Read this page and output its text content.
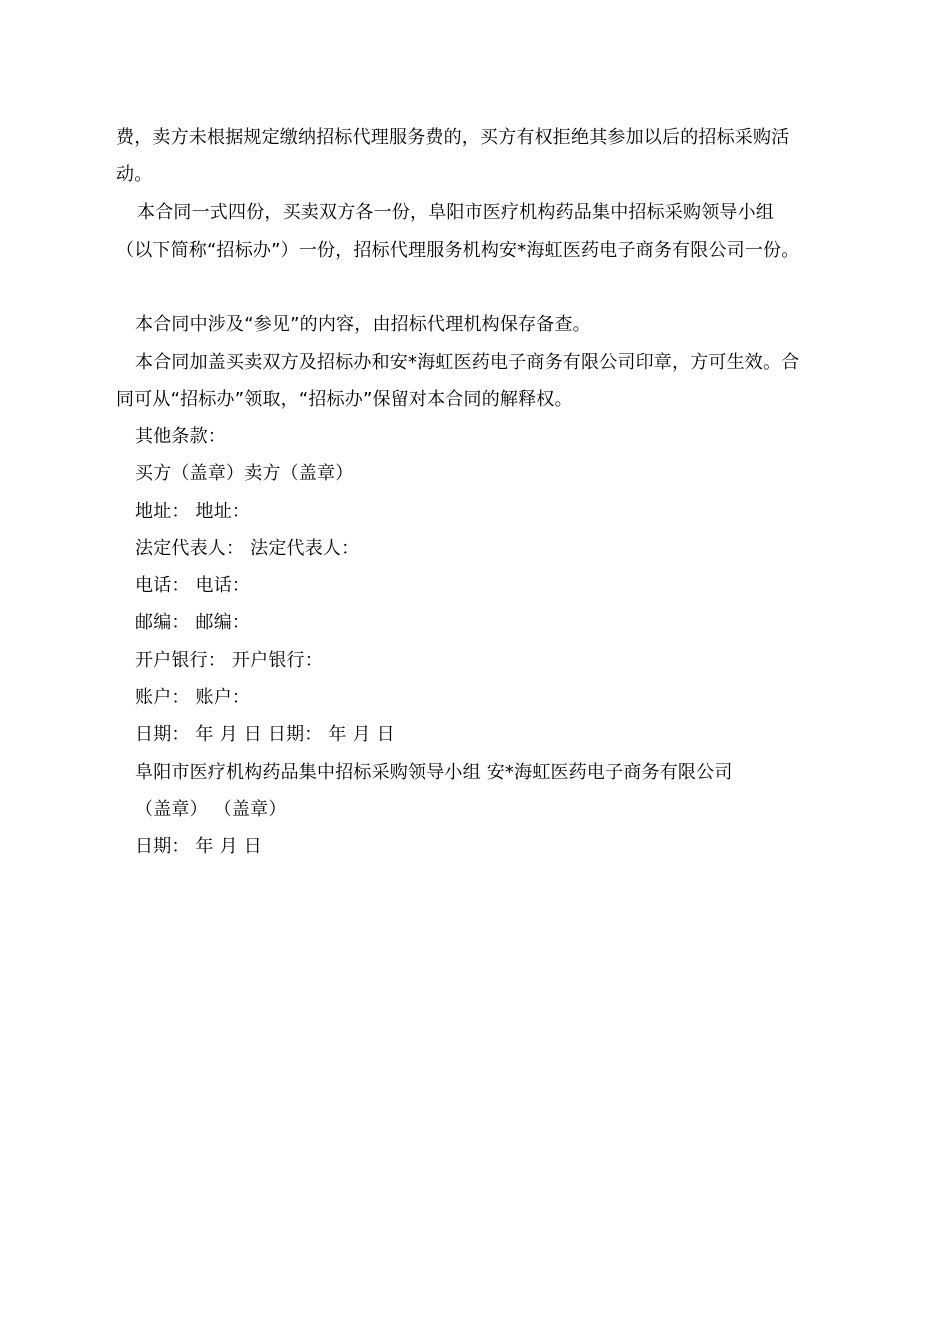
费，卖方未根据规定缴纳招标代理服务费的，买方有权拒绝其参加以后的招标采购活
动。
本合同一式四份，买卖双方各一份，阜阳市医疗机构药品集中招标采购领导小组
（以下简称“招标办”）一份，招标代理服务机构安*海虹医药电子商务有限公司一份。
本合同中涉及“参见”的内容，由招标代理机构保存备查。
本合同加盖买卖双方及招标办和安*海虹医药电子商务有限公司印章，方可生效。合
同可从“招标办”领取，“招标办”保留对本合同的解释权。
其他条款：
买方（盖章）卖方（盖章）
地址： 地址：
法定代表人： 法定代表人：
电话： 电话：
邮编： 邮编：
开户银行： 开户银行：
账户： 账户：
日期： 年 月 日 日期： 年 月 日
阜阳市医疗机构药品集中招标采购领导小组 安*海虹医药电子商务有限公司
（盖章） （盖章）
日期： 年 月 日
